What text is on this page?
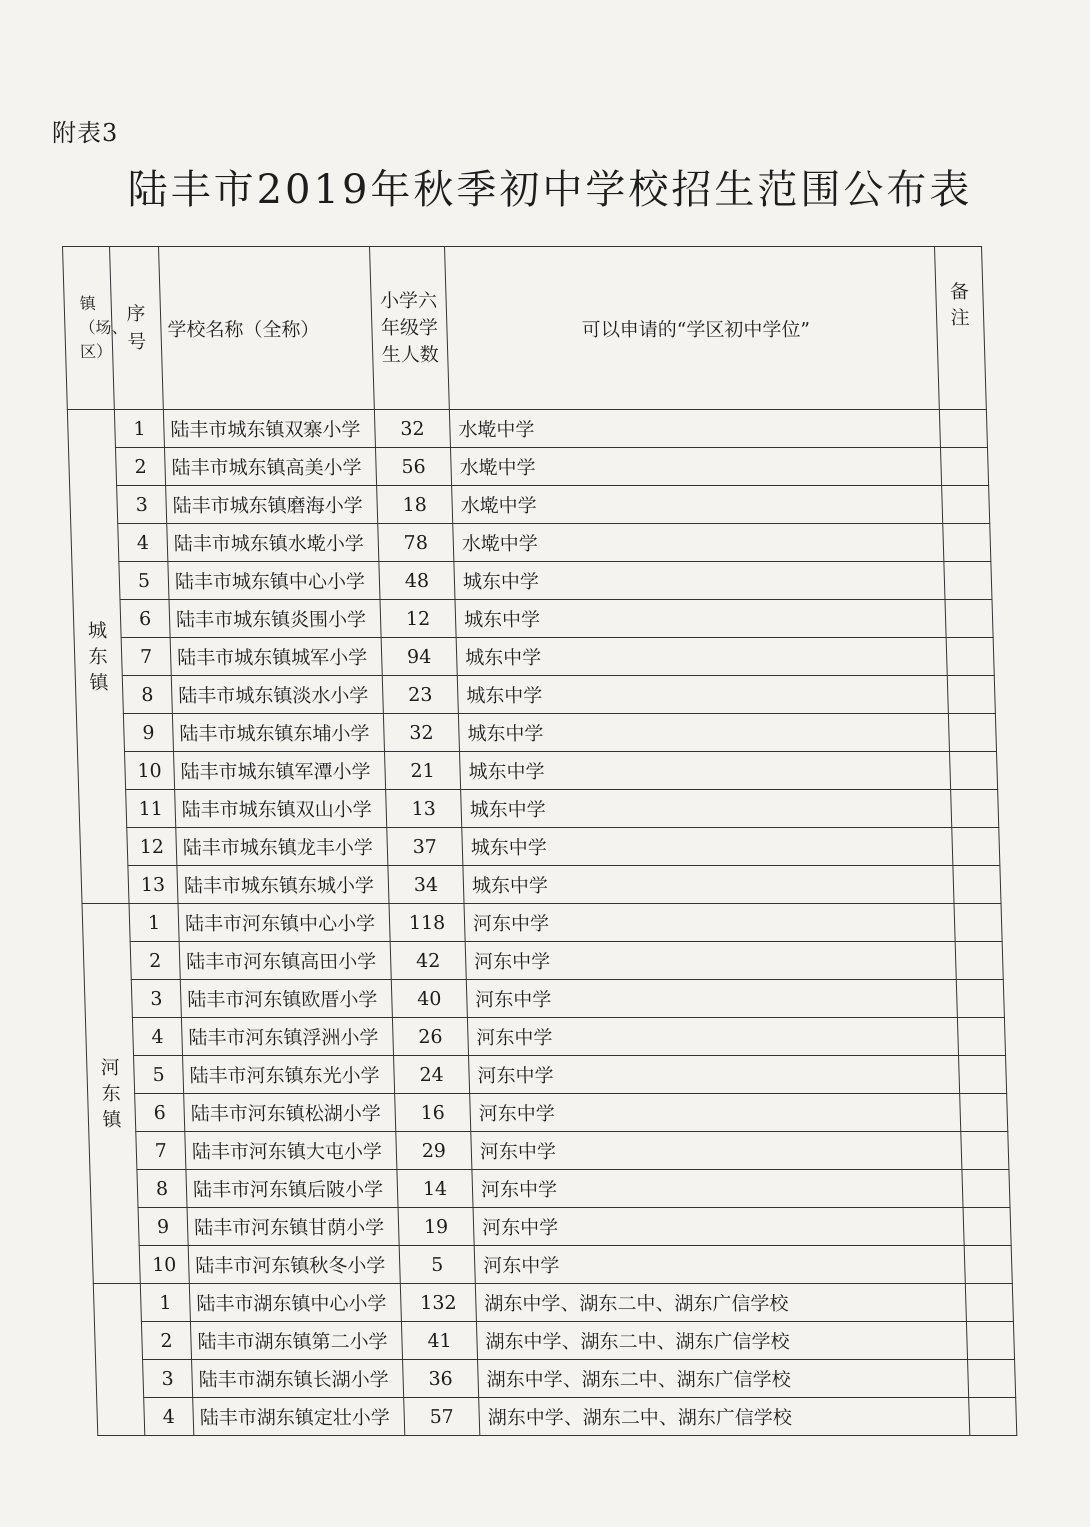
附表3
陆丰市2019年秋季初中学校招生范围公布表
镇（场、区）	序号	学校名称（全称）	小学六年级学生人数	可以申请的“学区初中学位”	备注
城东镇	1	陆丰市城东镇双寨小学	32	水墘中学	
	2	陆丰市城东镇高美小学	56	水墘中学	
	3	陆丰市城东镇磨海小学	18	水墘中学	
	4	陆丰市城东镇水墘小学	78	水墘中学	
	5	陆丰市城东镇中心小学	48	城东中学	
	6	陆丰市城东镇炎围小学	12	城东中学	
	7	陆丰市城东镇城军小学	94	城东中学	
	8	陆丰市城东镇淡水小学	23	城东中学	
	9	陆丰市城东镇东埔小学	32	城东中学	
	10	陆丰市城东镇军潭小学	21	城东中学	
	11	陆丰市城东镇双山小学	13	城东中学	
	12	陆丰市城东镇龙丰小学	37	城东中学	
	13	陆丰市城东镇东城小学	34	城东中学	
河东镇	1	陆丰市河东镇中心小学	118	河东中学	
	2	陆丰市河东镇高田小学	42	河东中学	
	3	陆丰市河东镇欧厝小学	40	河东中学	
	4	陆丰市河东镇浮洲小学	26	河东中学	
	5	陆丰市河东镇东光小学	24	河东中学	
	6	陆丰市河东镇松湖小学	16	河东中学	
	7	陆丰市河东镇大屯小学	29	河东中学	
	8	陆丰市河东镇后陂小学	14	河东中学	
	9	陆丰市河东镇甘荫小学	19	河东中学	
	10	陆丰市河东镇秋冬小学	5	河东中学	
	1	陆丰市湖东镇中心小学	132	湖东中学、湖东二中、湖东广信学校	
	2	陆丰市湖东镇第二小学	41	湖东中学、湖东二中、湖东广信学校	
	3	陆丰市湖东镇长湖小学	36	湖东中学、湖东二中、湖东广信学校	
	4	陆丰市湖东镇定壮小学	57	湖东中学、湖东二中、湖东广信学校	
